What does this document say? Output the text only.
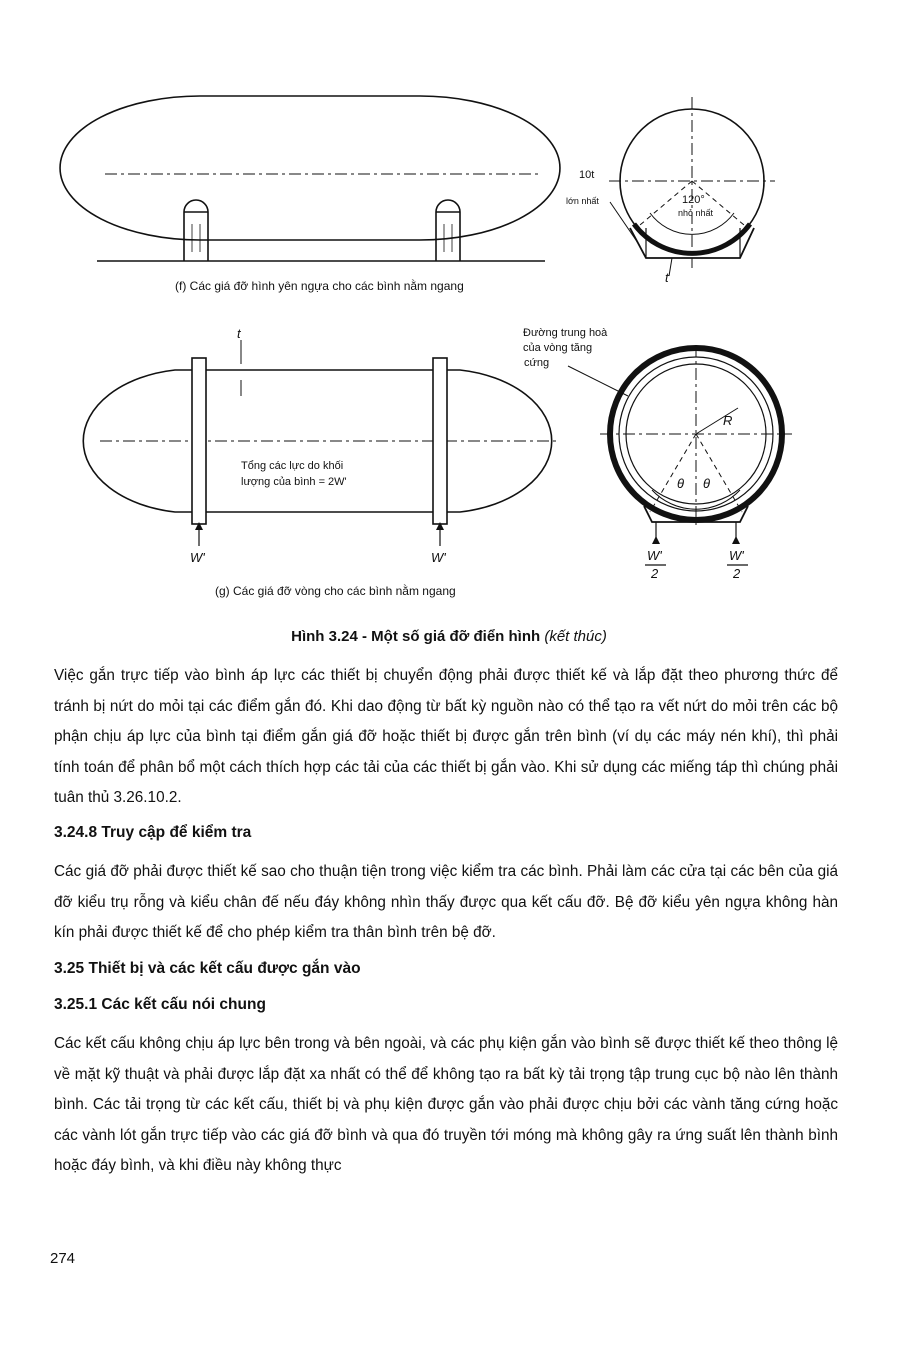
(f) Các giá đỡ hình yên ngựa cho các bình nằm ngang
10t
lớn nhất	120°
nhỏ nhất
t
t
Tổng các lực do khối
lượng của bình = 2W'
W'	W'
(g) Các giá đỡ vòng cho các bình nằm ngang
Đường trung hoà
của vòng tăng
cứng
R
θ θ
W'
2
W'
2
Hình 3.24 - Một số giá đỡ điển hình (kết thúc)

Việc gắn trực tiếp vào bình áp lực các thiết bị chuyển động phải được thiết kế và lắp đặt theo phương thức để tránh bị nứt do mỏi tại các điểm gắn đó. Khi dao động từ bất kỳ nguồn nào có thể tạo ra vết nứt do mỏi trên các bộ phận chịu áp lực của bình tại điểm gắn giá đỡ hoặc thiết bị được gắn trên bình (ví dụ các máy nén khí), thì phải tính toán để phân bổ một cách thích hợp các tải của các thiết bị gắn vào. Khi sử dụng các miếng táp thì chúng phải tuân thủ 3.26.10.2.

3.24.8 Truy cập để kiểm tra

Các giá đỡ phải được thiết kế sao cho thuận tiện trong việc kiểm tra các bình. Phải làm các cửa tại các bên của giá đỡ kiểu trụ rỗng và kiểu chân đế nếu đáy không nhìn thấy được qua kết cấu đỡ. Bệ đỡ kiểu yên ngựa không hàn kín phải được thiết kế để cho phép kiểm tra thân bình trên bệ đỡ.

3.25 Thiết bị và các kết cấu được gắn vào

3.25.1 Các kết cấu nói chung

Các kết cấu không chịu áp lực bên trong và bên ngoài, và các phụ kiện gắn vào bình sẽ được thiết kế theo thông lệ về mặt kỹ thuật và phải được lắp đặt xa nhất có thể để không tạo ra bất kỳ tải trọng tập trung cục bộ nào lên thành bình. Các tải trọng từ các kết cấu, thiết bị và phụ kiện được gắn vào phải được chịu bởi các vành tăng cứng hoặc các vành lót gắn trực tiếp vào các giá đỡ bình và qua đó truyền tới móng mà không gây ra ứng suất lên thành bình hoặc đáy bình, và khi điều này không thực

274
